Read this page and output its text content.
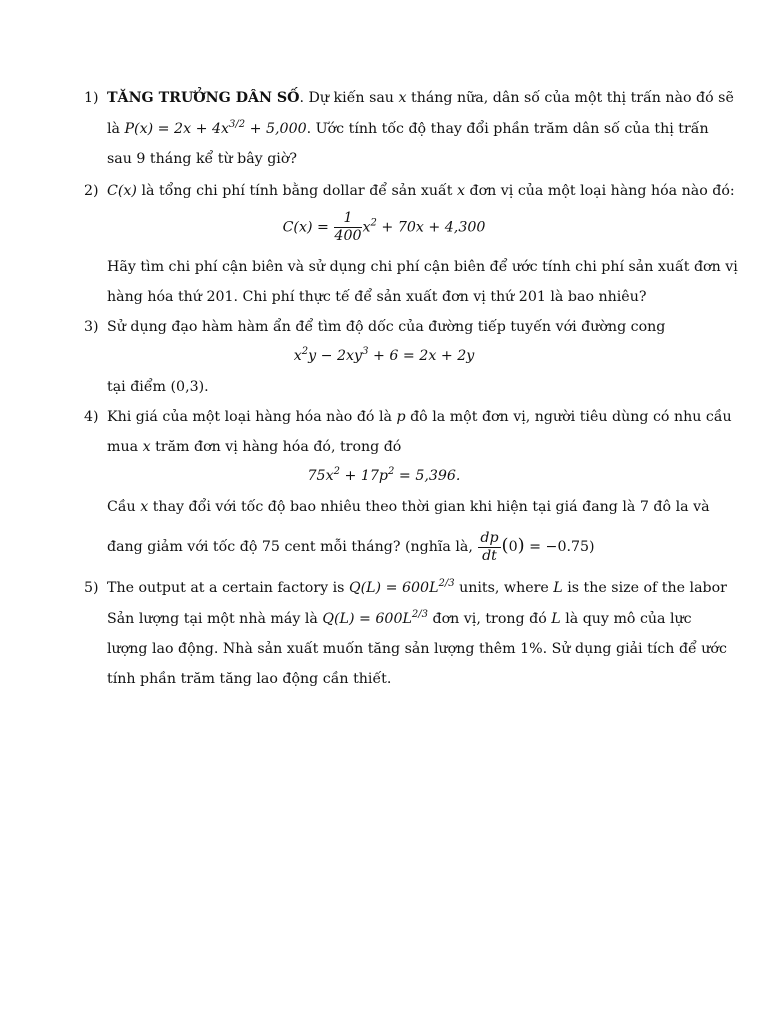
1) TĂNG TRƯỞNG DÂN SỐ. Dự kiến sau x tháng nữa, dân số của một thị trấn nào đó sẽ
là $P(x) = 2x + 4x^{3/2} + 5,000$. Ước tính tốc độ thay đổi phần trăm dân số của thị trấn
sau 9 tháng kể từ bây giờ?
2) C(x) là tổng chi phí tính bằng dollar để sản xuất x đơn vị của một loại hàng hóa nào đó:
$C(x) = \frac{1}{400} x^2 + 70x + 4,300$
Hãy tìm chi phí cận biên và sử dụng chi phí cận biên để ước tính chi phí sản xuất đơn vị
hàng hóa thứ 201. Chi phí thực tế để sản xuất đơn vị thứ 201 là bao nhiêu?
3) Sử dụng đạo hàm hàm ẩn để tìm độ dốc của đường tiếp tuyến với đường cong
$x^2y - 2xy^3 + 6 = 2x + 2y$
tại điểm (0,3).
4) Khi giá của một loại hàng hóa nào đó là p đô la một đơn vị, người tiêu dùng có nhu cầu
mua x trăm đơn vị hàng hóa đó, trong đó
$75x^2 + 17p^2 = 5,396$.
Cầu x thay đổi với tốc độ bao nhiêu theo thời gian khi hiện tại giá đang là 7 đô la và
đang giảm với tốc độ 75 cent mỗi tháng? (nghĩa là, $\frac{dp}{dt} (0) = -0.75$)
5) The output at a certain factory is $Q(L) = 600L^{2/3}$ units, where L is the size of the labor
Sản lượng tại một nhà máy là $Q(L) = 600L^{2/3}$ đơn vị, trong đó L là quy mô của lực
lượng lao động. Nhà sản xuất muốn tăng sản lượng thêm 1%. Sử dụng giải tích để ước
tính phần trăm tăng lao động cần thiết.
